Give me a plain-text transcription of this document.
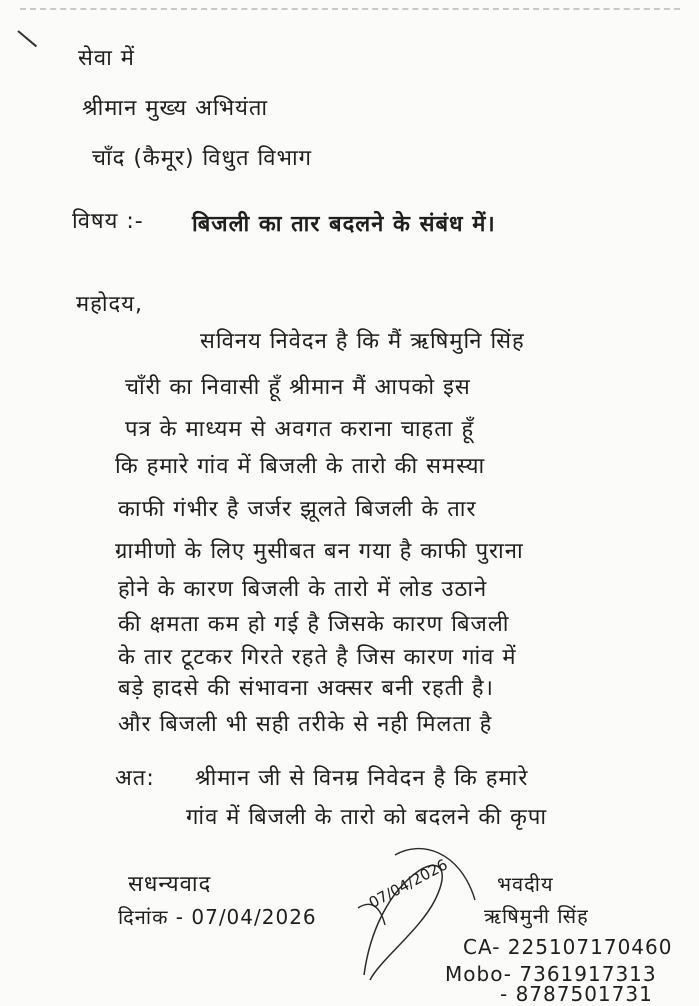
सेवा में
श्रीमान मुख्य अभियंता
चाँद (कैमूर) विधुत विभाग
विषय :- बिजली का तार बदलने के संबंध में।
महोदय,
सविनय निवेदन है कि मैं ऋषिमुनि सिंह
चाँरी का निवासी हूँ श्रीमान मैं आपको इस
पत्र के माध्यम से अवगत कराना चाहता हूँ
कि हमारे गांव में बिजली के तारो की समस्या
काफी गंभीर है जर्जर झूलते बिजली के तार
ग्रामीणो के लिए मुसीबत बन गया है काफी पुराना
होने के कारण बिजली के तारो में लोड उठाने
की क्षमता कम हो गई है जिसके कारण बिजली
के तार टूटकर गिरते रहते है जिस कारण गांव में
बड़े हादसे की संभावना अक्सर बनी रहती है।
और बिजली भी सही तरीके से नही मिलता है
अत: श्रीमान जी से विनम्र निवेदन है कि हमारे
गांव में बिजली के तारो को बदलने की कृपा
सधन्यवाद
दिनांक - 07/04/2026
07/04/2026 भवदीय
ऋषिमुनी सिंह
CA- 225107170460
Mobo- 7361917313
- 8787501731
